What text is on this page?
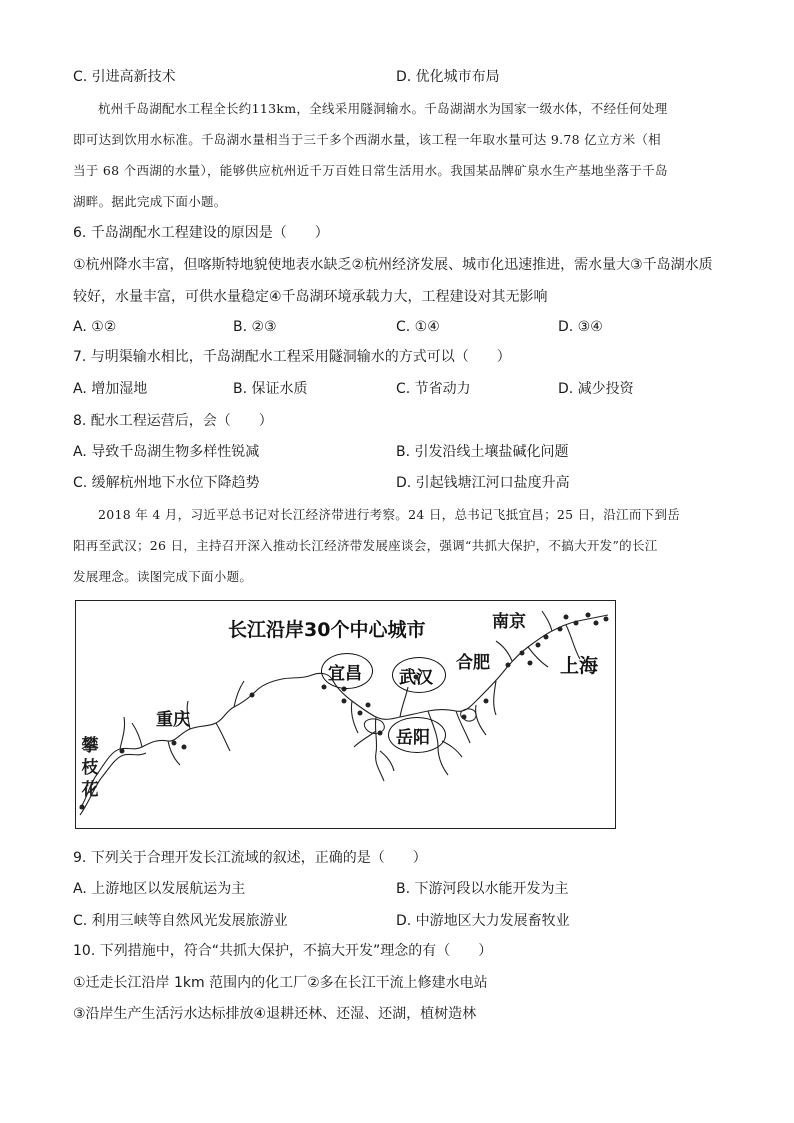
C. 引进高新技术	D. 优化城市布局
杭州千岛湖配水工程全长约113km，全线采用隧洞输水。千岛湖湖水为国家一级水体，不经任何处理
即可达到饮用水标准。千岛湖水量相当于三千多个西湖水量，该工程一年取水量可达 9.78 亿立方米（相
当于 68 个西湖的水量），能够供应杭州近千万百姓日常生活用水。我国某品牌矿泉水生产基地坐落于千岛
湖畔。据此完成下面小题。
6. 千岛湖配水工程建设的原因是（　　）
①杭州降水丰富，但喀斯特地貌使地表水缺乏②杭州经济发展、城市化迅速推进，需水量大③千岛湖水质
较好，水量丰富，可供水量稳定④千岛湖环境承载力大，工程建设对其无影响
A. ①②	B. ②③	C. ①④	D. ③④
7. 与明渠输水相比，千岛湖配水工程采用隧洞输水的方式可以（　　）
A. 增加湿地	B. 保证水质	C. 节省动力	D. 减少投资
8. 配水工程运营后，会（　　）
A. 导致千岛湖生物多样性锐减	B. 引发沿线土壤盐碱化问题
C. 缓解杭州地下水位下降趋势	D. 引起钱塘江河口盐度升高
2018 年 4 月，习近平总书记对长江经济带进行考察。24 日，总书记飞抵宜昌；25 日，沿江而下到岳
阳再至武汉；26 日，主持召开深入推动长江经济带发展座谈会，强调“共抓大保护，不搞大开发”的长江
发展理念。读图完成下面小题。
长江沿岸30个中心城市	南京
合肥	上海
宜昌 武汉
岳阳
重庆
攀
枝
花
9. 下列关于合理开发长江流域的叙述，正确的是（　　）
A. 上游地区以发展航运为主	B. 下游河段以水能开发为主
C. 利用三峡等自然风光发展旅游业	D. 中游地区大力发展畜牧业
10. 下列措施中，符合“共抓大保护，不搞大开发”理念的有（　　）
①迁走长江沿岸 1km 范围内的化工厂②多在长江干流上修建水电站
③沿岸生产生活污水达标排放④退耕还林、还湿、还湖，植树造林
